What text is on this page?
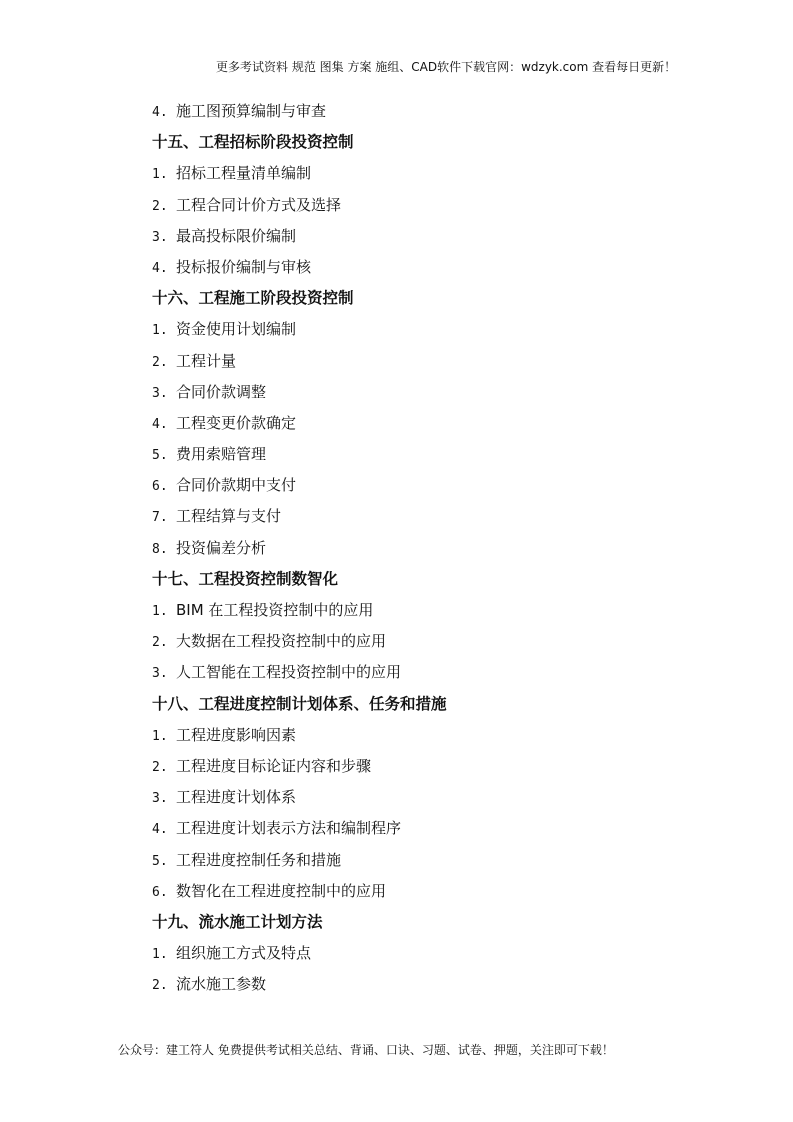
更多考试资料 规范 图集 方案 施组、CAD软件下载官网：wdzyk.com 查看每日更新！
4. 施工图预算编制与审查
十五、工程招标阶段投资控制
1. 招标工程量清单编制
2. 工程合同计价方式及选择
3. 最高投标限价编制
4. 投标报价编制与审核
十六、工程施工阶段投资控制
1. 资金使用计划编制
2. 工程计量
3. 合同价款调整
4. 工程变更价款确定
5. 费用索赔管理
6. 合同价款期中支付
7. 工程结算与支付
8. 投资偏差分析
十七、工程投资控制数智化
1. BIM 在工程投资控制中的应用
2. 大数据在工程投资控制中的应用
3. 人工智能在工程投资控制中的应用
十八、工程进度控制计划体系、任务和措施
1. 工程进度影响因素
2. 工程进度目标论证内容和步骤
3. 工程进度计划体系
4. 工程进度计划表示方法和编制程序
5. 工程进度控制任务和措施
6. 数智化在工程进度控制中的应用
十九、流水施工计划方法
1. 组织施工方式及特点
2. 流水施工参数
公众号：建工符人 免费提供考试相关总结、背诵、口诀、习题、试卷、押题，关注即可下载！
